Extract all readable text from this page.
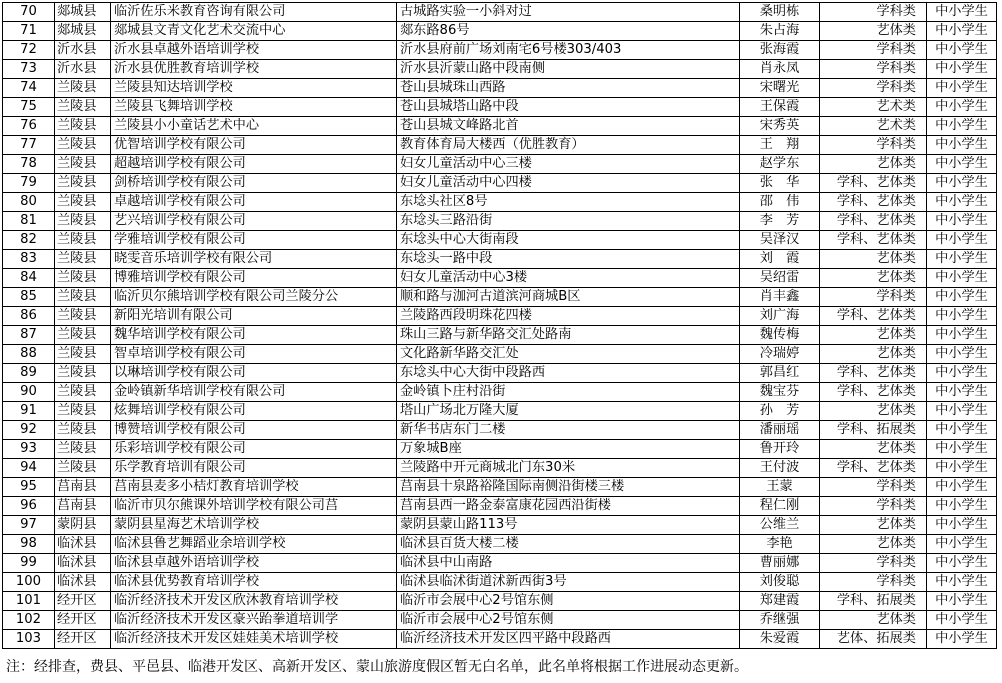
70	郯城县	临沂佐乐米教育咨询有限公司	古城路实验一小斜对过	桑明栋	学科类	中小学生
71	郯城县	郯城县文青文化艺术交流中心	郯东路86号	朱占海	艺体类	中小学生
72	沂水县	沂水县卓越外语培训学校	沂水县府前广场刘南宅6号楼303/403	张海霞	学科类	中小学生
73	沂水县	沂水县优胜教育培训学校	沂水县沂蒙山路中段南侧	肖永凤	学科类	中小学生
74	兰陵县	兰陵县知达培训学校	苍山县城珠山西路	宋曙光	学科类	中小学生
75	兰陵县	兰陵县飞舞培训学校	苍山县城塔山路中段	王保霞	艺术类	中小学生
76	兰陵县	兰陵县小小童话艺术中心	苍山县城文峰路北首	宋秀英	艺术类	中小学生
77	兰陵县	优智培训学校有限公司	教育体育局大楼西（优胜教育）	王　翔	学科类	中小学生
78	兰陵县	超越培训学校有限公司	妇女儿童活动中心三楼	赵学东	艺体类	中小学生
79	兰陵县	剑桥培训学校有限公司	妇女儿童活动中心四楼	张　华	学科、艺体类	中小学生
80	兰陵县	卓越培训学校有限公司	东埝头社区8号	邵　伟	学科、艺体类	中小学生
81	兰陵县	艺兴培训学校有限公司	东埝头三路沿街	李　芳	学科、艺体类	中小学生
82	兰陵县	学雅培训学校有限公司	东埝头中心大街南段	吴泽汉	学科、艺体类	中小学生
83	兰陵县	晓雯音乐培训学校有限公司	东埝头一路中段	刘　霞	艺体类	中小学生
84	兰陵县	博雅培训学校有限公司	妇女儿童活动中心3楼	吴绍雷	艺体类	中小学生
85	兰陵县	临沂贝尔熊培训学校有限公司兰陵分公	顺和路与泇河古道滨河商城B区	肖丰鑫	学科类	中小学生
86	兰陵县	新阳光培训有限公司	兰陵路西段明珠花四楼	刘广海	学科、艺体类	中小学生
87	兰陵县	魏华培训学校有限公司	珠山三路与新华路交汇处路南	魏传梅	艺体类	中小学生
88	兰陵县	智卓培训学校有限公司	文化路新华路交汇处	冷瑞婷	艺体类	中小学生
89	兰陵县	以琳培训学校有限公司	东埝头中心大街中段路西	郭昌红	学科、艺体类	中小学生
90	兰陵县	金岭镇新华培训学校有限公司	金岭镇卜庄村沿街	魏宝芬	学科、艺体类	中小学生
91	兰陵县	炫舞培训学校有限公司	塔山广场北万隆大厦	孙　芳	艺体类	中小学生
92	兰陵县	博赞培训学校有限公司	新华书店东门二楼	潘丽瑶	学科、拓展类	中小学生
93	兰陵县	乐彩培训学校有限公司	万象城B座	鲁开玲	艺体类	中小学生
94	兰陵县	乐学教育培训有限公司	兰陵路中开元商城北门东30米	王付波	学科、艺体类	中小学生
95	莒南县	莒南县麦多小桔灯教育培训学校	莒南县十泉路裕隆国际南侧沿街楼三楼	王蒙	学科类	中小学生
96	莒南县	临沂市贝尔熊课外培训学校有限公司莒	莒南县西一路金泰富康花园西沿街楼	程仁刚	学科类	中小学生
97	蒙阴县	蒙阴县星海艺术培训学校	蒙阴县蒙山路113号	公维兰	艺体类	中小学生
98	临沭县	临沭县鲁艺舞蹈业余培训学校	临沭县百货大楼二楼	李艳	艺体类	中小学生
99	临沭县	临沭县卓越外语培训学校	临沭县中山南路	曹丽娜	学科类	中小学生
100	临沭县	临沭县优势教育培训学校	临沭县临沭街道沭新西街3号	刘俊聪	学科类	中小学生
101	经开区	临沂经济技术开发区欣沐教育培训学校	临沂市会展中心2号馆东侧	郑建霞	学科、拓展类	中小学生
102	经开区	临沂经济技术开发区豪兴跆拳道培训学	临沂市会展中心2号馆东侧	乔继强	艺体类	中小学生
103	经开区	临沂经济技术开发区娃娃美术培训学校	临沂经济技术开发区四平路中段路西	朱爱霞	艺体、拓展类	中小学生
注：经排查，费县、平邑县、临港开发区、高新开发区、蒙山旅游度假区暂无白名单，此名单将根据工作进展动态更新。
